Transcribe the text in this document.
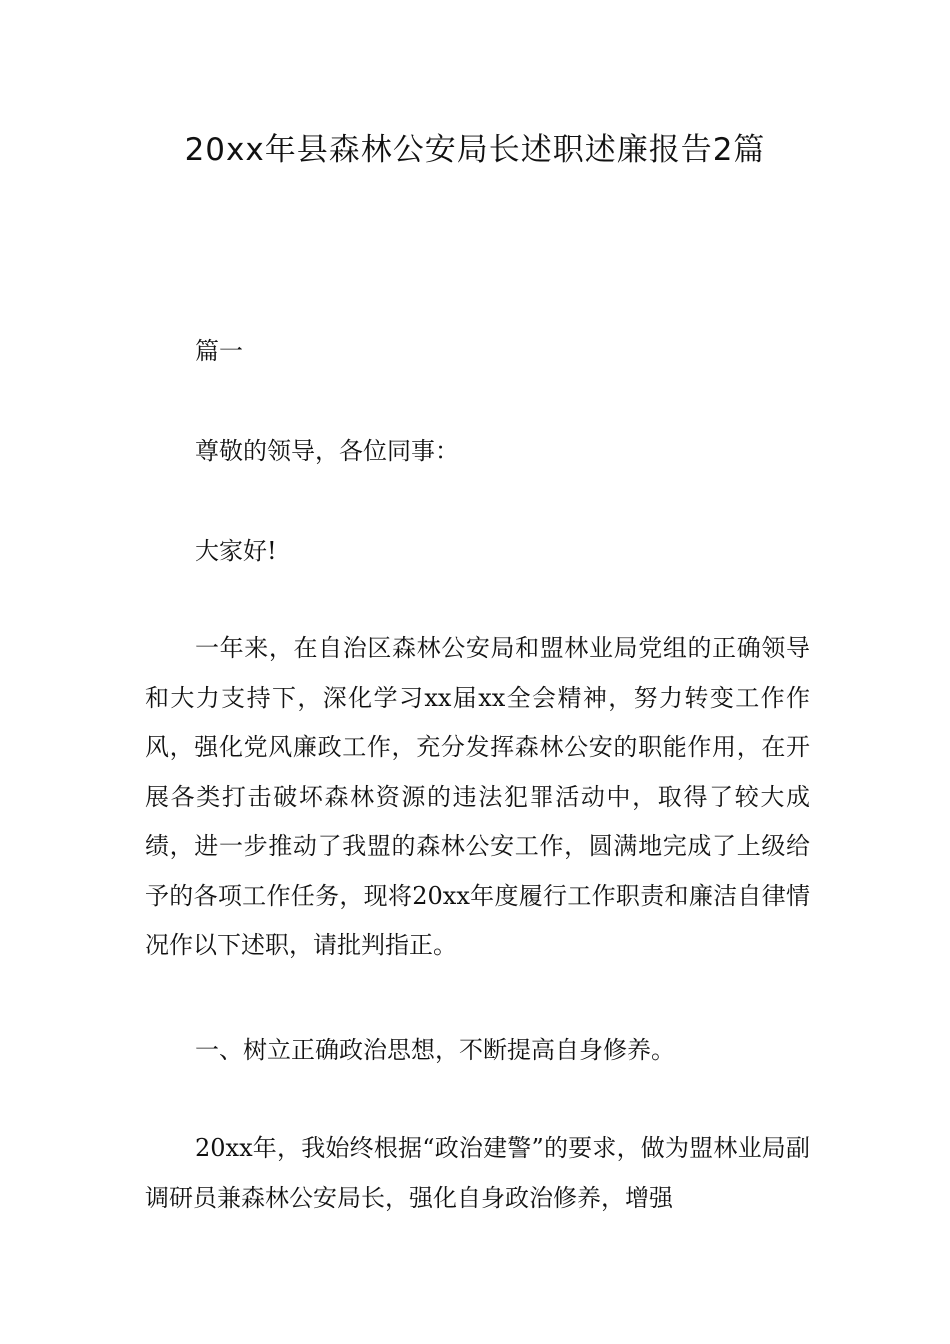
20xx年县森林公安局长述职述廉报告2篇

篇一

尊敬的领导，各位同事：

大家好!

一年来，在自治区森林公安局和盟林业局党组的正确领导和大力支持下，深化学习xx届xx全会精神，努力转变工作作风，强化党风廉政工作，充分发挥森林公安的职能作用，在开展各类打击破坏森林资源的违法犯罪活动中，取得了较大成绩，进一步推动了我盟的森林公安工作，圆满地完成了上级给予的各项工作任务，现将20xx年度履行工作职责和廉洁自律情况作以下述职，请批判指正。

一、树立正确政治思想，不断提高自身修养。

20xx年，我始终根据“政治建警”的要求，做为盟林业局副调研员兼森林公安局长，强化自身政治修养，增强
